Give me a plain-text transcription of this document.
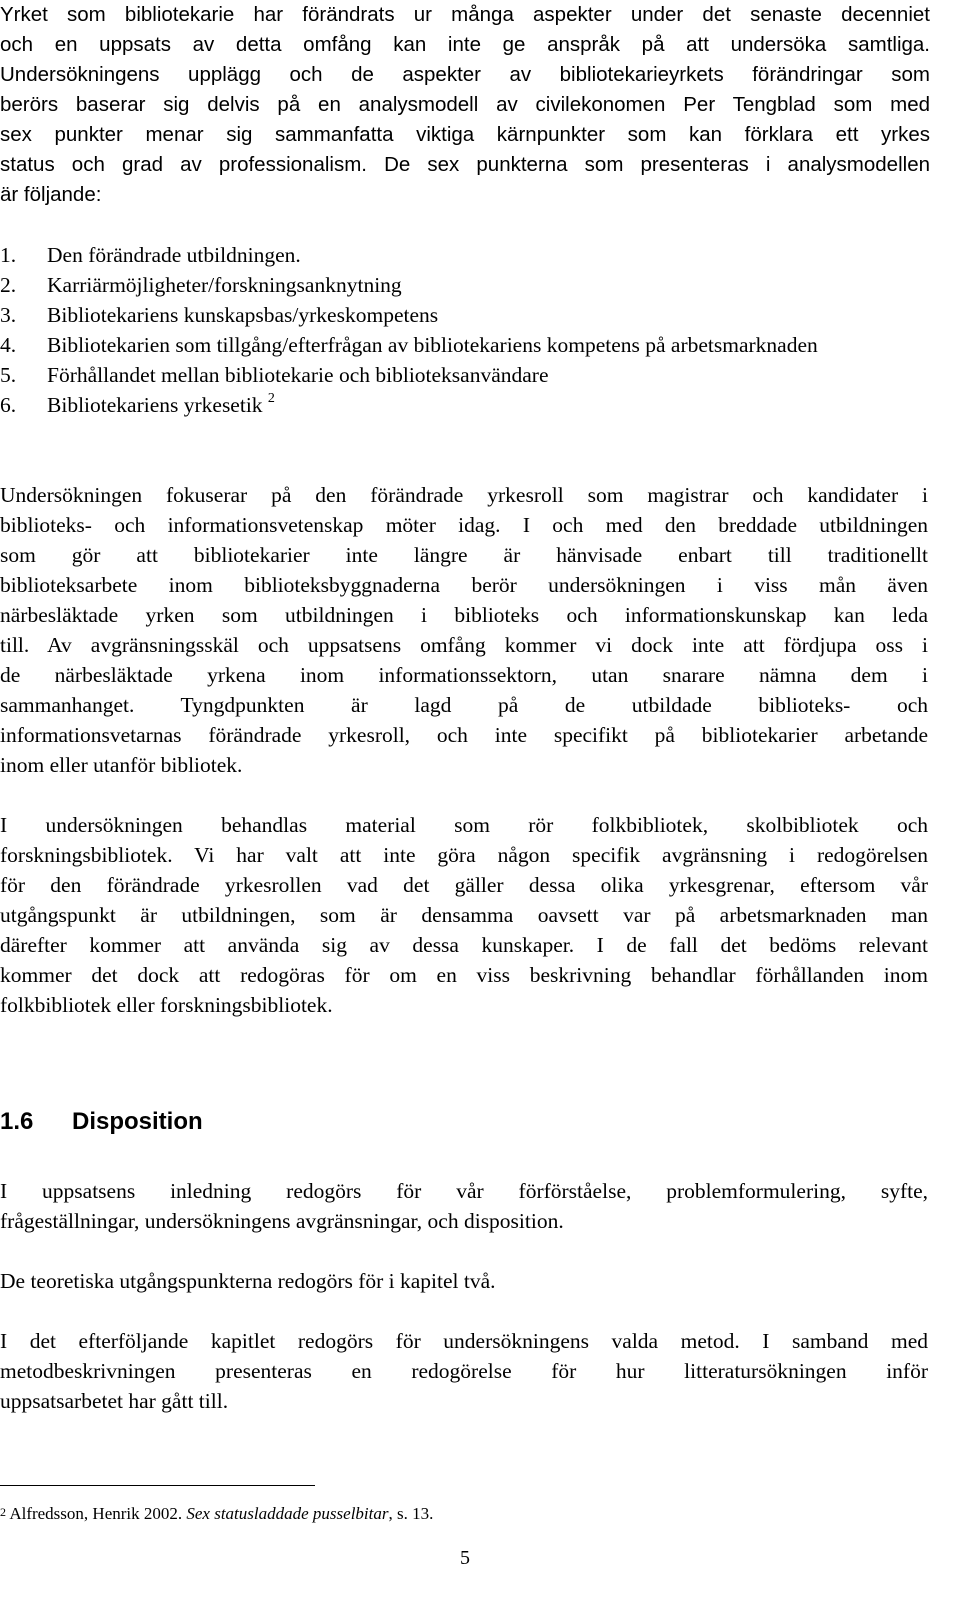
Yrket som bibliotekarie har förändrats ur många aspekter under det senaste decenniet
och en uppsats av detta omfång kan inte ge anspråk på att undersöka samtliga.
Undersökningens upplägg och de aspekter av bibliotekarieyrkets förändringar som
berörs baserar sig delvis på en analysmodell av civilekonomen Per Tengblad som med
sex punkter menar sig sammanfatta viktiga kärnpunkter som kan förklara ett yrkes
status och grad av professionalism. De sex punkterna som presenteras i analysmodellen
är följande:
1.	Den förändrade utbildningen.
2.	Karriärmöjligheter/forskningsanknytning
3.	Bibliotekariens kunskapsbas/yrkeskompetens
4.	Bibliotekarien som tillgång/efterfrågan av bibliotekariens kompetens på arbetsmarknaden
5.	Förhållandet mellan bibliotekarie och biblioteksanvändare
6.	Bibliotekariens yrkesetik $^2$

Undersökningen fokuserar på den förändrade yrkesroll som magistrar och kandidater i
biblioteks- och informationsvetenskap möter idag. I och med den breddade utbildningen
som gör att bibliotekarier inte längre är hänvisade enbart till traditionellt
biblioteksarbete inom biblioteksbyggnaderna berör undersökningen i viss mån även
närbesläktade yrken som utbildningen i biblioteks och informationskunskap kan leda
till. Av avgränsningsskäl och uppsatsens omfång kommer vi dock inte att fördjupa oss i
de närbesläktade yrkena inom informationssektorn, utan snarare nämna dem i
sammanhanget. Tyngdpunkten är lagd på de utbildade biblioteks- och
informationsvetarnas förändrade yrkesroll, och inte specifikt på bibliotekarier arbetande
inom eller utanför bibliotek.

I undersökningen behandlas material som rör folkbibliotek, skolbibliotek och
forskningsbibliotek. Vi har valt att inte göra någon specifik avgränsning i redogörelsen
för den förändrade yrkesrollen vad det gäller dessa olika yrkesgrenar, eftersom vår
utgångspunkt är utbildningen, som är densamma oavsett var på arbetsmarknaden man
därefter kommer att använda sig av dessa kunskaper. I de fall det bedöms relevant
kommer det dock att redogöras för om en viss beskrivning behandlar förhållanden inom
folkbibliotek eller forskningsbibliotek.

1.6 Disposition

I uppsatsens inledning redogörs för vår förförståelse, problemformulering, syfte,
frågeställningar, undersökningens avgränsningar, och disposition.

De teoretiska utgångspunkterna redogörs för i kapitel två.

I det efterföljande kapitlet redogörs för undersökningens valda metod. I samband med
metodbeskrivningen presenteras en redogörelse för hur litteratursökningen inför
uppsatsarbetet har gått till.

$^2$ Alfredsson, Henrik 2002. Sex statusladdade pusselbitar, s. 13.
5
